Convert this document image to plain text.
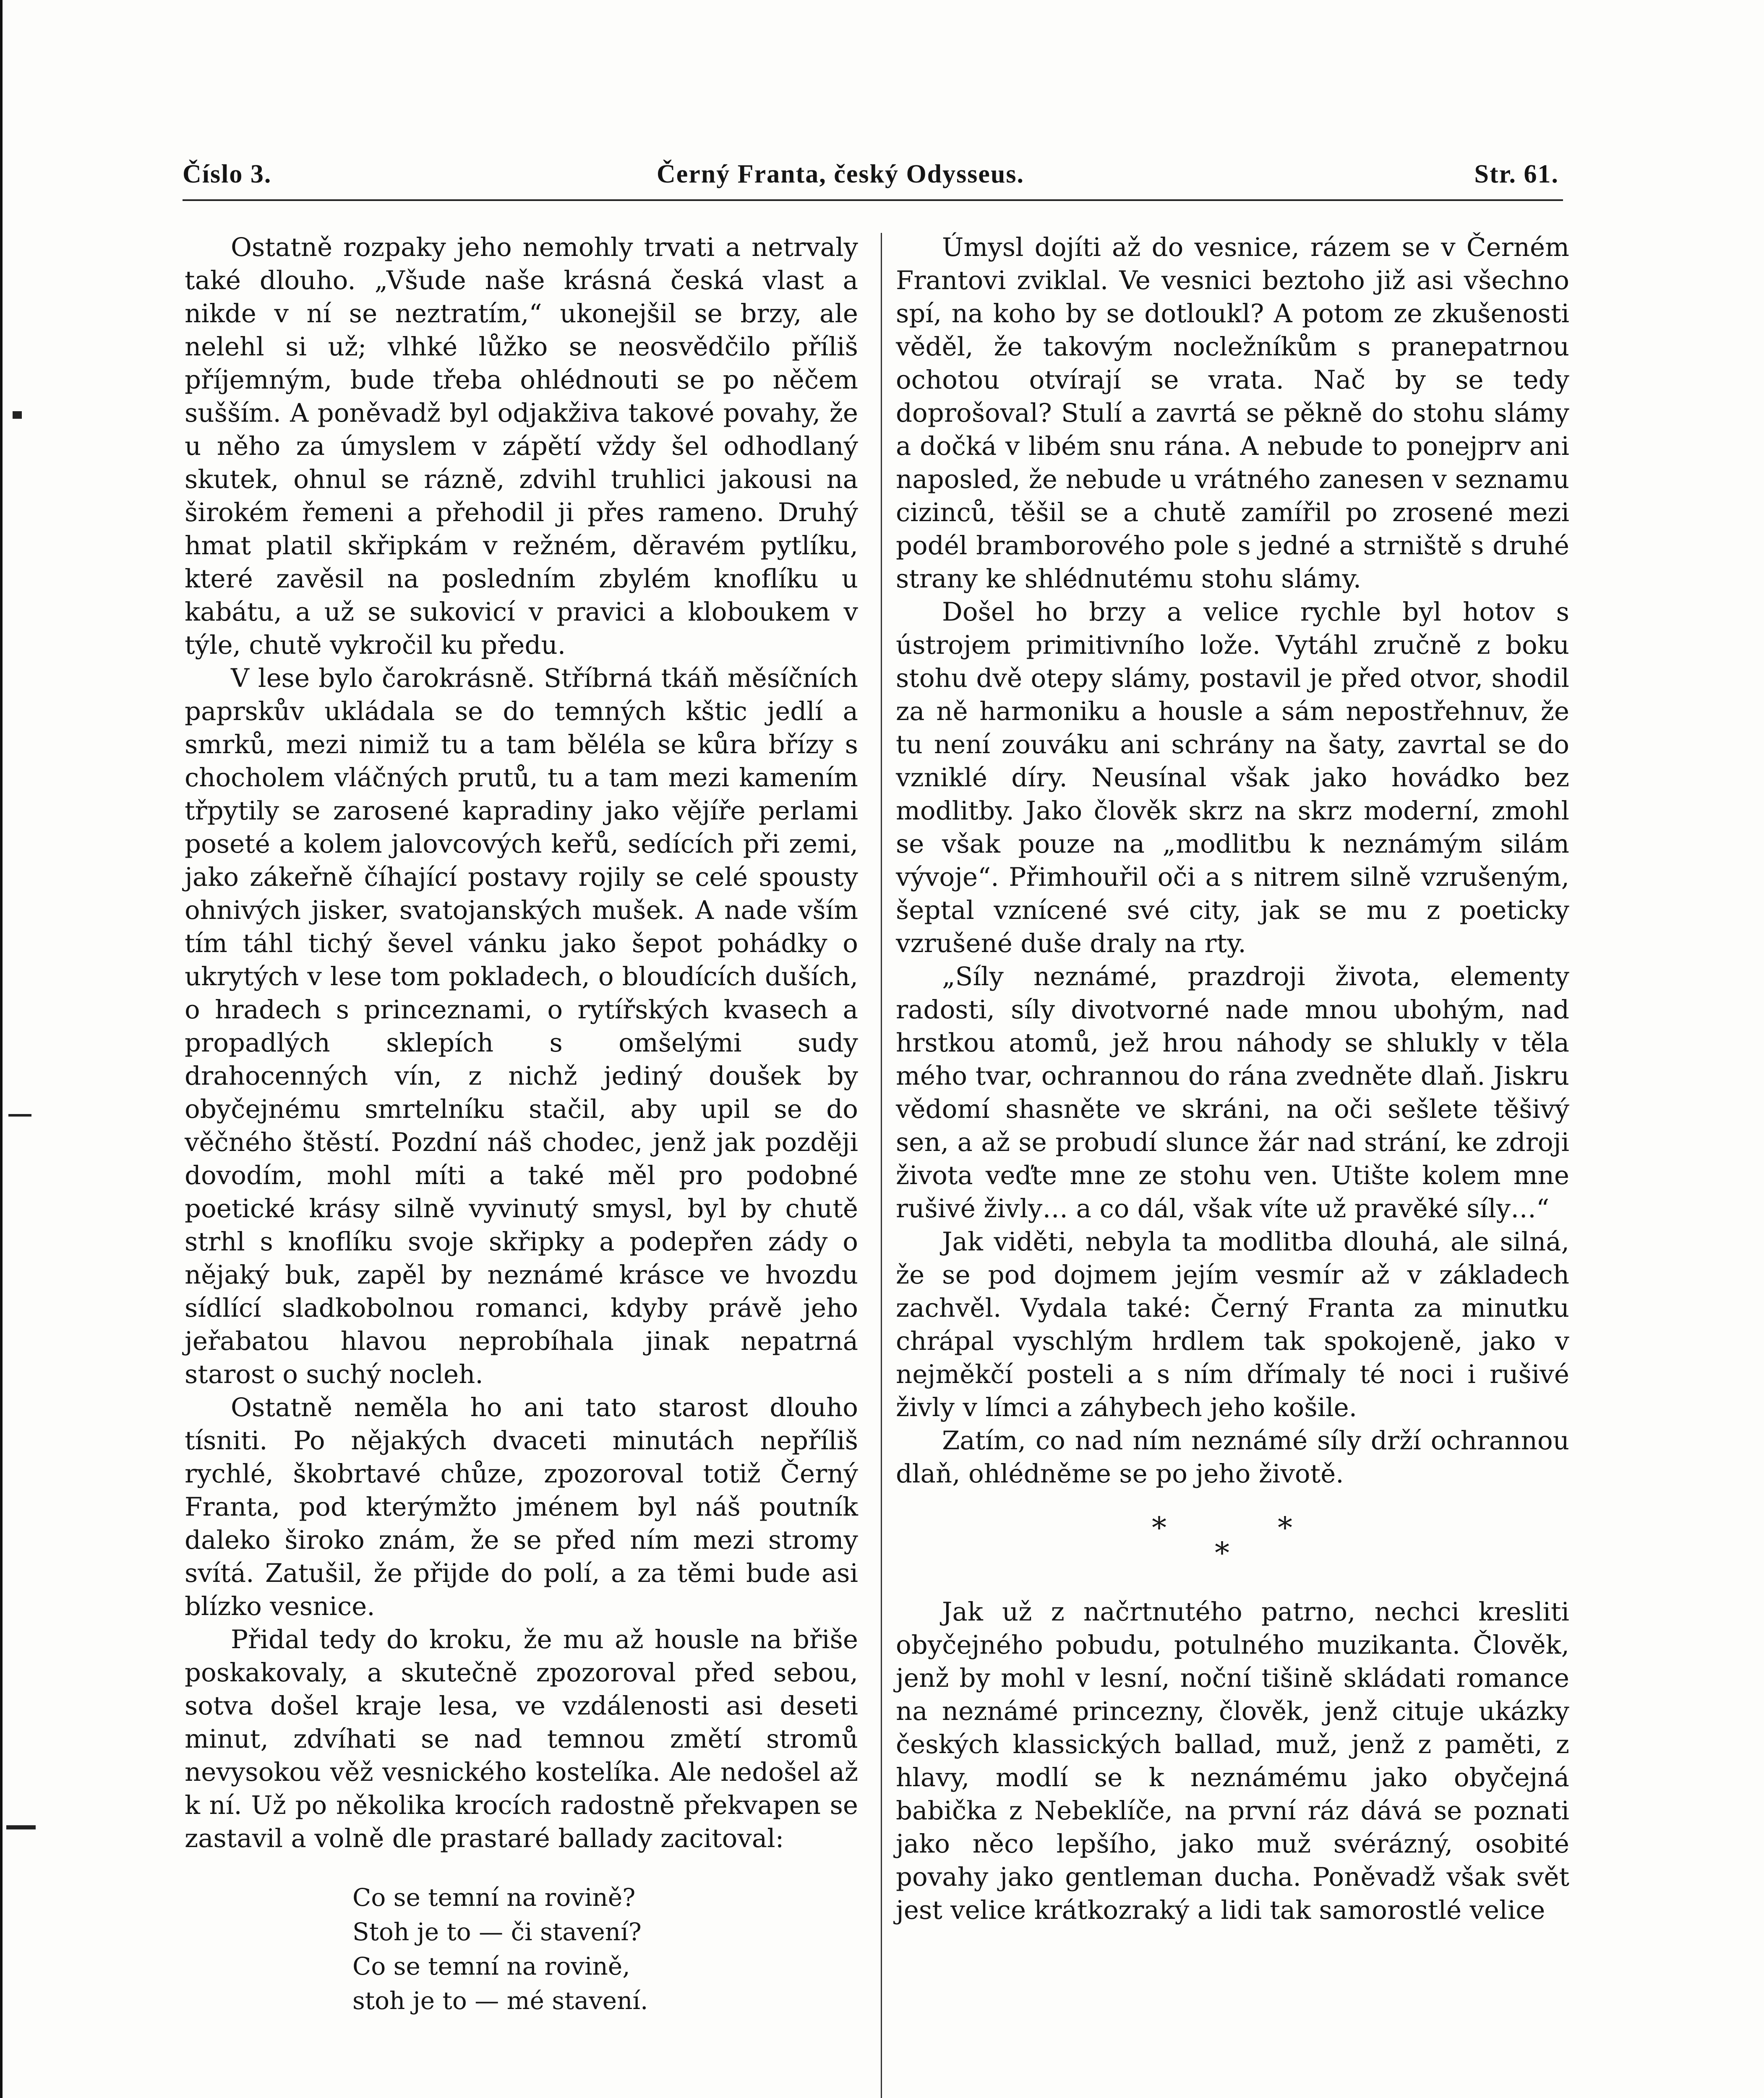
Číslo 3.	Černý Franta, český Odysseus.	Str. 61.

Ostatně rozpaky jeho nemohly trvati a netrvaly také dlouho. „Všude naše krásná česká vlast a nikde v ní se neztratím,“ ukonejšil se brzy, ale nelehl si už; vlhké lůžko se neosvědčilo příliš příjemným, bude třeba ohlédnouti se po něčem sušším. A poněvadž byl odjakživa takové povahy, že u něho za úmyslem v zápětí vždy šel odhodlaný skutek, ohnul se rázně, zdvihl truhlici jakousi na širokém řemeni a přehodil ji přes rameno. Druhý hmat platil skřipkám v režném, děravém pytlíku, které zavěsil na posledním zbylém knoflíku u kabátu, a už se sukovicí v pravici a kloboukem v týle, chutě vykročil ku předu.

V lese bylo čarokrásně. Stříbrná tkáň měsíčních paprskův ukládala se do temných kštic jedlí a smrků, mezi nimiž tu a tam běléla se kůra břízy s chocholem vláčných prutů, tu a tam mezi kamením třpytily se zarosené kapradiny jako vějíře perlami poseté a kolem jalovcových keřů, sedících při zemi, jako zákeřně číhající postavy rojily se celé spousty ohnivých jisker, svatojanských mušek. A nade vším tím táhl tichý ševel vánku jako šepot pohádky o ukrytých v lese tom pokladech, o bloudících duších, o hradech s princeznami, o rytířských kvasech a propadlých sklepích s omšelými sudy drahocenných vín, z nichž jediný doušek by obyčejnému smrtelníku stačil, aby upil se do věčného štěstí. Pozdní náš chodec, jenž jak později dovodím, mohl míti a také měl pro podobné poetické krásy silně vyvinutý smysl, byl by chutě strhl s knoflíku svoje skřipky a podepřen zády o nějaký buk, zapěl by neznámé krásce ve hvozdu sídlící sladkobolnou romanci, kdyby právě jeho jeřabatou hlavou neprobíhala jinak nepatrná starost o suchý nocleh.

Ostatně neměla ho ani tato starost dlouho tísniti. Po nějakých dvaceti minutách nepříliš rychlé, škobrtavé chůze, zpozoroval totiž Černý Franta, pod kterýmžto jménem byl náš poutník daleko široko znám, že se před ním mezi stromy svítá. Zatušil, že přijde do polí, a za těmi bude asi blízko vesnice.

Přidal tedy do kroku, že mu až housle na břiše poskakovaly, a skutečně zpozoroval před sebou, sotva došel kraje lesa, ve vzdálenosti asi deseti minut, zdvíhati se nad temnou změtí stromů nevysokou věž vesnického kostelíka. Ale nedošel až k ní. Už po několika krocích radostně překvapen se zastavil a volně dle prastaré ballady zacitoval:

Co se temní na rovině?
Stoh je to — či stavení?
Co se temní na rovině,
stoh je to — mé stavení.

Úmysl dojíti až do vesnice, rázem se v Černém Frantovi zviklal. Ve vesnici beztoho již asi všechno spí, na koho by se dotloukl? A potom ze zkušenosti věděl, že takovým nocležníkům s pranepatrnou ochotou otvírají se vrata. Nač by se tedy doprošoval? Stulí a zavrtá se pěkně do stohu slámy a dočká v libém snu rána. A nebude to ponejprv ani naposled, že nebude u vrátného zanesen v seznamu cizinců, těšil se a chutě zamířil po zrosené mezi podél bramborového pole s jedné a strniště s druhé strany ke shlédnutému stohu slámy.

Došel ho brzy a velice rychle byl hotov s ústrojem primitivního lože. Vytáhl zručně z boku stohu dvě otepy slámy, postavil je před otvor, shodil za ně harmoniku a housle a sám nepostřehnuv, že tu není zouváku ani schrány na šaty, zavrtal se do vzniklé díry. Neusínal však jako hovádko bez modlitby. Jako člověk skrz na skrz moderní, zmohl se však pouze na „modlitbu k neznámým silám vývoje“. Přimhouřil oči a s nitrem silně vzrušeným, šeptal vznícené své city, jak se mu z poeticky vzrušené duše draly na rty.

„Síly neznámé, prazdroji života, elementy radosti, síly divotvorné nade mnou ubohým, nad hrstkou atomů, jež hrou náhody se shlukly v těla mého tvar, ochrannou do rána zvedněte dlaň. Jiskru vědomí shasněte ve skráni, na oči sešlete těšivý sen, a až se probudí slunce žár nad strání, ke zdroji života veďte mne ze stohu ven. Utište kolem mne rušivé živly… a co dál, však víte už pravěké síly…“

Jak viděti, nebyla ta modlitba dlouhá, ale silná, že se pod dojmem jejím vesmír až v základech zachvěl. Vydala také: Černý Franta za minutku chrápal vyschlým hrdlem tak spokojeně, jako v nejměkčí posteli a s ním dřímaly té noci i rušivé živly v límci a záhybech jeho košile.

Zatím, co nad ním neznámé síly drží ochrannou dlaň, ohlédněme se po jeho životě.

*	*
*

Jak už z načrtnutého patrno, nechci kresliti obyčejného pobudu, potulného muzikanta. Člověk, jenž by mohl v lesní, noční tišině skládati romance na neznámé princezny, člověk, jenž cituje ukázky českých klassických ballad, muž, jenž z paměti, z hlavy, modlí se k neznámému jako obyčejná babička z Nebeklíče, na první ráz dává se poznati jako něco lepšího, jako muž svérázný, osobité povahy jako gentleman ducha. Poněvadž však svět jest velice krátkozraký a lidi tak samorostlé velice
